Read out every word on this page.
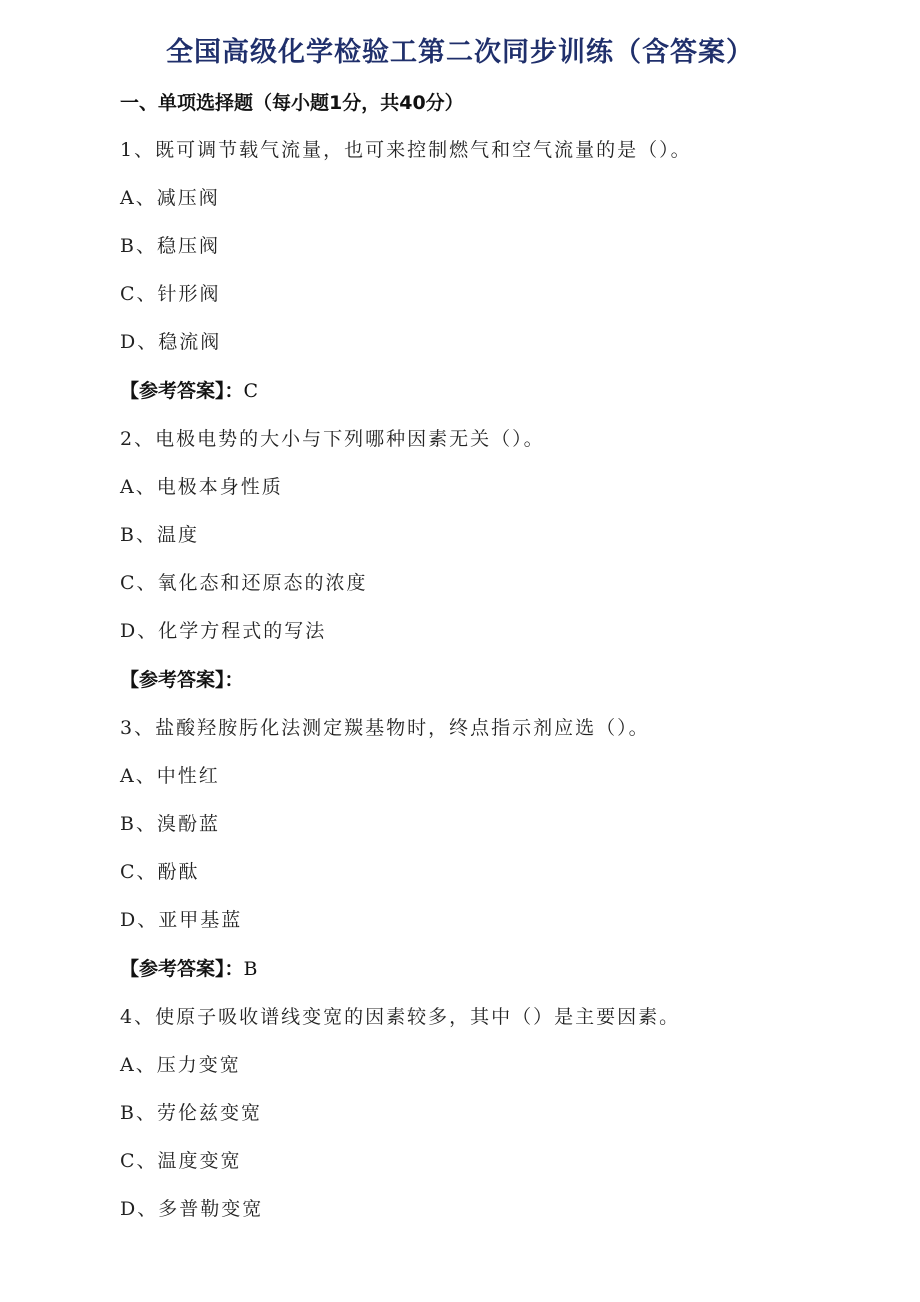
全国高级化学检验工第二次同步训练（含答案）
一、单项选择题（每小题1分，共40分）
1、既可调节载气流量，也可来控制燃气和空气流量的是（）。
A、减压阀
B、稳压阀
C、针形阀
D、稳流阀
【参考答案】：C
2、电极电势的大小与下列哪种因素无关（）。
A、电极本身性质
B、温度
C、氧化态和还原态的浓度
D、化学方程式的写法
【参考答案】：
3、盐酸羟胺肟化法测定羰基物时，终点指示剂应选（）。
A、中性红
B、溴酚蓝
C、酚酞
D、亚甲基蓝
【参考答案】：B
4、使原子吸收谱线变宽的因素较多，其中（）是主要因素。
A、压力变宽
B、劳伦兹变宽
C、温度变宽
D、多普勒变宽
